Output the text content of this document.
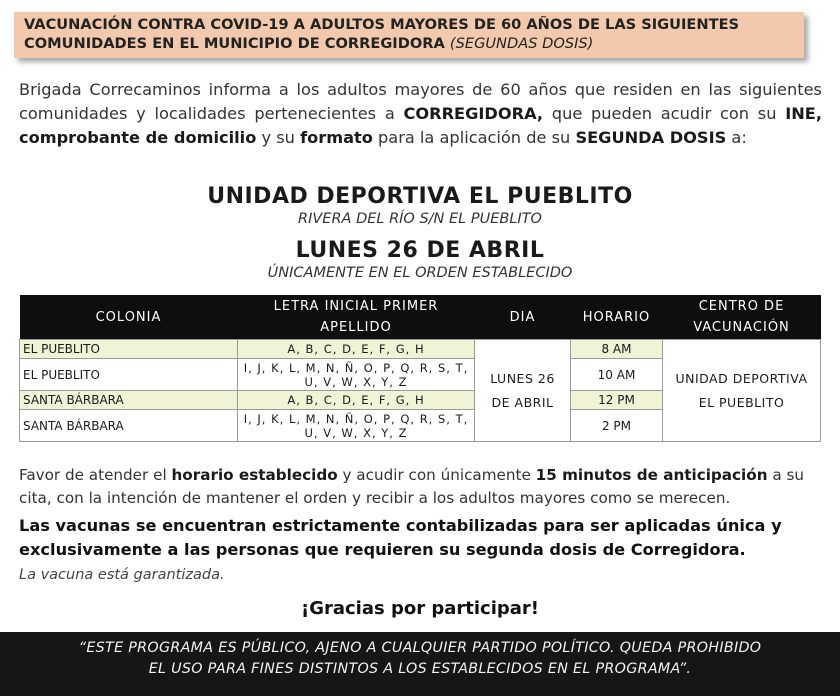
VACUNACIÓN CONTRA COVID-19 A ADULTOS MAYORES DE 60 AÑOS DE LAS SIGUIENTES
COMUNIDADES EN EL MUNICIPIO DE CORREGIDORA (SEGUNDAS DOSIS)
Brigada Correcaminos informa a los adultos mayores de 60 años que residen en las siguientes comunidades y localidades pertenecientes a CORREGIDORA, que pueden acudir con su INE, comprobante de domicilio y su formato para la aplicación de su SEGUNDA DOSIS a:
UNIDAD DEPORTIVA EL PUEBLITO
RIVERA DEL RÍO S/N EL PUEBLITO
LUNES 26 DE ABRIL
ÚNICAMENTE EN EL ORDEN ESTABLECIDO
COLONIA	LETRA INICIAL PRIMER APELLIDO	DIA	HORARIO	CENTRO DE VACUNACIÓN
EL PUEBLITO	A, B, C, D, E, F, G, H	LUNES 26 DE ABRIL	8 AM	UNIDAD DEPORTIVA EL PUEBLITO
EL PUEBLITO	I, J, K, L, M, N, Ñ, O, P, Q, R, S, T, U, V, W, X, Y, Z		10 AM	
SANTA BÁRBARA	A, B, C, D, E, F, G, H		12 PM	
SANTA BÁRBARA	I, J, K, L, M, N, Ñ, O, P, Q, R, S, T, U, V, W, X, Y, Z		2 PM	
Favor de atender el horario establecido y acudir con únicamente 15 minutos de anticipación a su cita, con la intención de mantener el orden y recibir a los adultos mayores como se merecen.
Las vacunas se encuentran estrictamente contabilizadas para ser aplicadas única y exclusivamente a las personas que requieren su segunda dosis de Corregidora.
La vacuna está garantizada.
¡Gracias por participar!
“ESTE PROGRAMA ES PÚBLICO, AJENO A CUALQUIER PARTIDO POLÍTICO. QUEDA PROHIBIDO
EL USO PARA FINES DISTINTOS A LOS ESTABLECIDOS EN EL PROGRAMA”.
